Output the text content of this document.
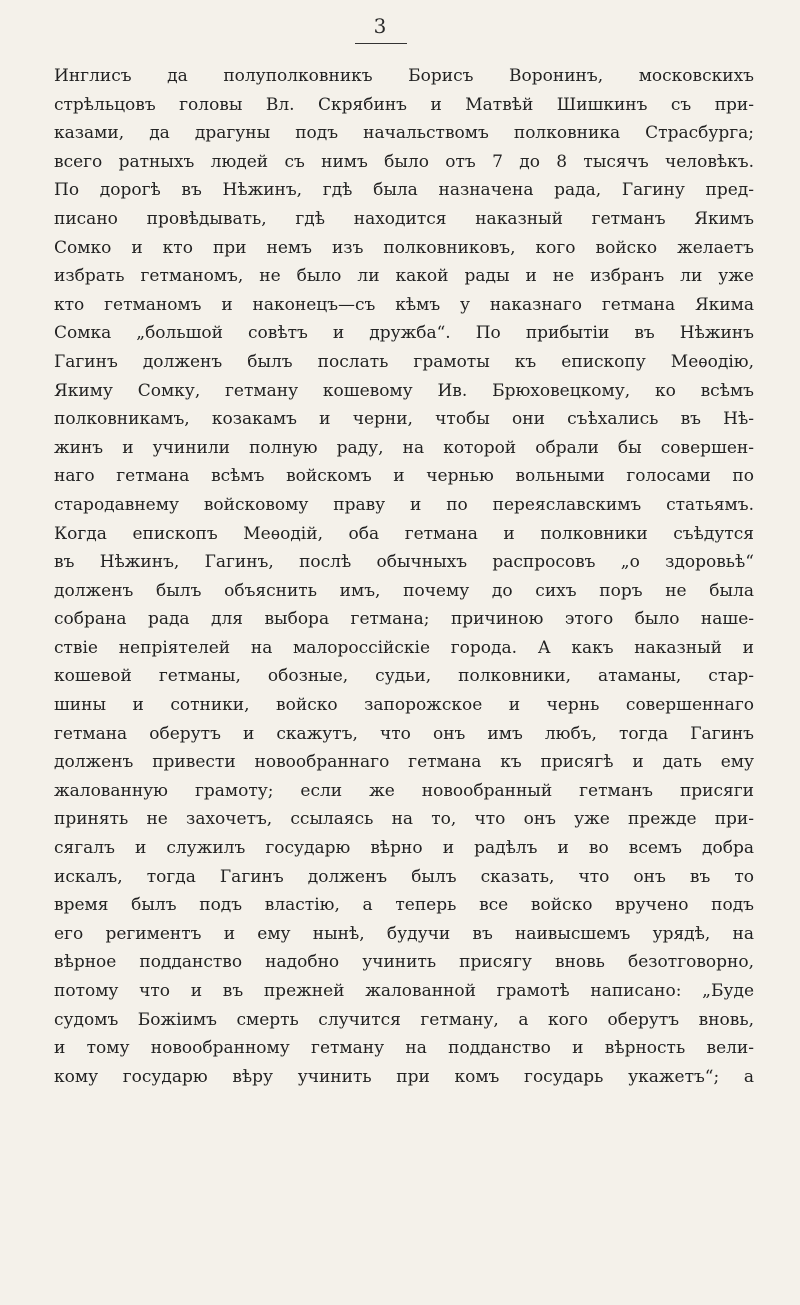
3
Инглисъ да полуполковникъ Борисъ Воронинъ, московскихъ
стрѣльцовъ головы Вл. Скрябинъ и Матвѣй Шишкинъ съ при-
казами, да драгуны подъ начальствомъ полковника Страсбурга;
всего ратныхъ людей съ нимъ было отъ 7 до 8 тысячъ человѣкъ.
По дорогѣ въ Нѣжинъ, гдѣ была назначена рада, Гагину пред-
писано провѣдывать, гдѣ находится наказный гетманъ Якимъ
Сомко и кто при немъ изъ полковниковъ, кого войско желаетъ
избрать гетманомъ, не было ли какой рады и не избранъ ли уже
кто гетманомъ и наконецъ—съ кѣмъ у наказнаго гетмана Якима
Сомка „большой совѣтъ и дружба“. По прибытіи въ Нѣжинъ
Гагинъ долженъ былъ послать грамоты къ епископу Меѳодію,
Якиму Сомку, гетману кошевому Ив. Брюховецкому, ко всѣмъ
полковникамъ, козакамъ и черни, чтобы они съѣхались въ Нѣ-
жинъ и учинили полную раду, на которой обрали бы совершен-
наго гетмана всѣмъ войскомъ и чернью вольными голосами по
стародавнему войсковому праву и по переяславскимъ статьямъ.
Когда епископъ Меѳодій, оба гетмана и полковники съѣдутся
въ Нѣжинъ, Гагинъ, послѣ обычныхъ распросовъ „о здоровьѣ“
долженъ былъ объяснить имъ, почему до сихъ поръ не была
собрана рада для выбора гетмана; причиною этого было наше-
ствіе непріятелей на малороссійскіе города. А какъ наказный и
кошевой гетманы, обозные, судьи, полковники, атаманы, стар-
шины и сотники, войско запорожское и чернь совершеннаго
гетмана оберутъ и скажутъ, что онъ имъ любъ, тогда Гагинъ
долженъ привести новообраннаго гетмана къ присягѣ и дать ему
жалованную грамоту; если же новообранный гетманъ присяги
принять не захочетъ, ссылаясь на то, что онъ уже прежде при-
сягалъ и служилъ государю вѣрно и радѣлъ и во всемъ добра
искалъ, тогда Гагинъ долженъ былъ сказать, что онъ въ то
время былъ подъ властію, а теперь все войско вручено подъ
его региментъ и ему нынѣ, будучи въ наивысшемъ урядѣ, на
вѣрное подданство надобно учинить присягу вновь безотговорно,
потому что и въ прежней жалованной грамотѣ написано: „Буде
судомъ Божіимъ смерть случится гетману, а кого оберутъ вновь,
и тому новообранному гетману на подданство и вѣрность вели-
кому государю вѣру учинить при комъ государь укажетъ“; а
